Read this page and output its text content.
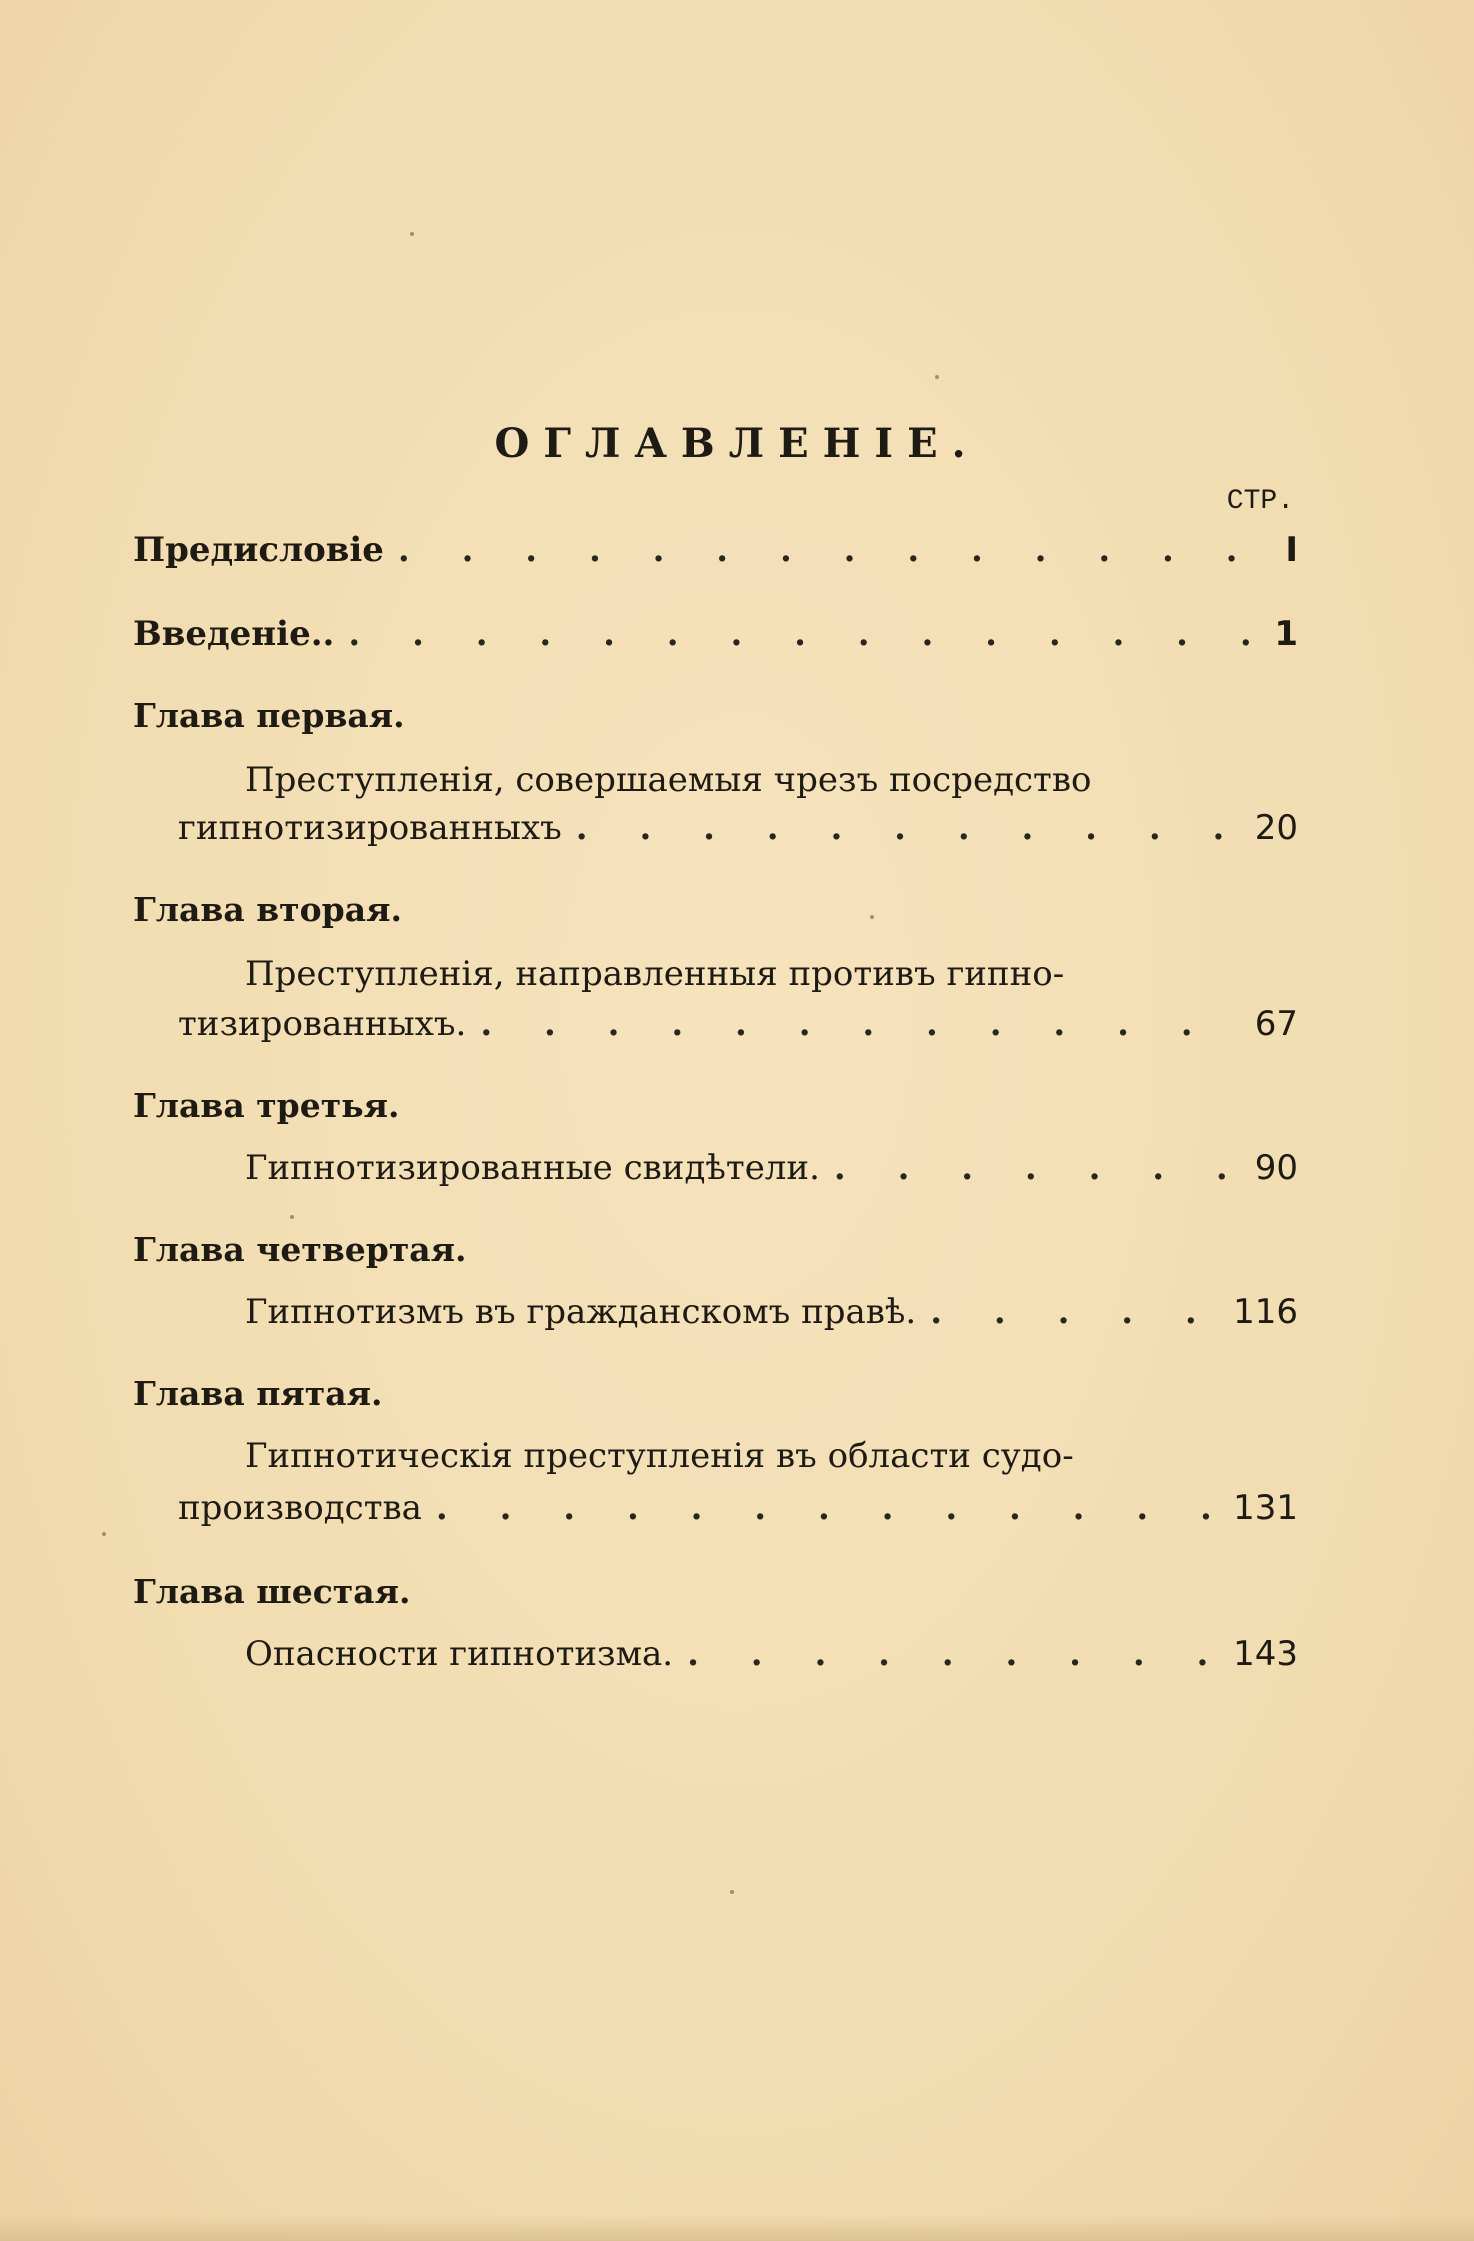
ОГЛАВЛЕНІЕ.
СТР.
Предисловіе . . .	I
Введеніе.. . . .	1
Глава первая.
Преступленія, совершаемыя чрезъ посредство
гипнотизированныхъ . . .	20
Глава вторая.
Преступленія, направленныя противъ гипно-
тизированныхъ. . . .	67
Глава третья.
Гипнотизированные свидѣтели. . . .	90
Глава четвертая.
Гипнотизмъ въ гражданскомъ правѣ. . . .	116
Глава пятая.
Гипнотическія преступленія въ области судо-
производства . . .	131
Глава шестая.
Опасности гипнотизма. . . .	143
